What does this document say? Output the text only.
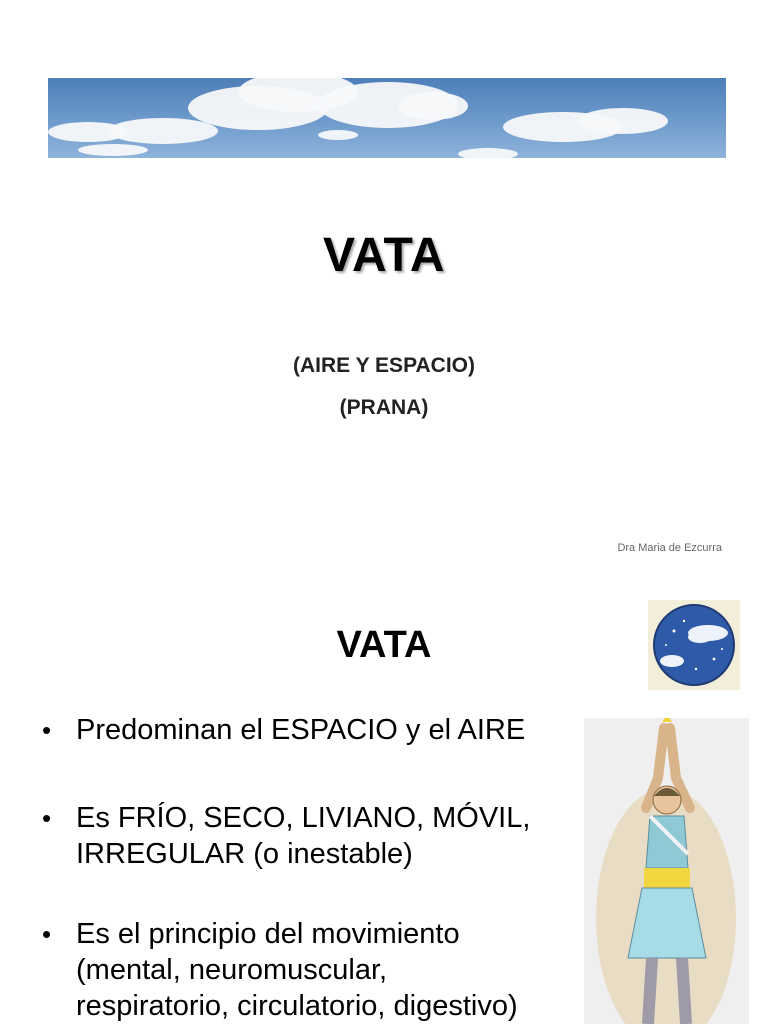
VATA
(AIRE Y ESPACIO)
(PRANA)
Dra Maria de Ezcurra
VATA
• Predominan el ESPACIO y el AIRE
• Es FRÍO, SECO, LIVIANO, MÓVIL,
IRREGULAR (o inestable)
• Es el principio del movimiento
(mental, neuromuscular,
respiratorio, circulatorio, digestivo)
